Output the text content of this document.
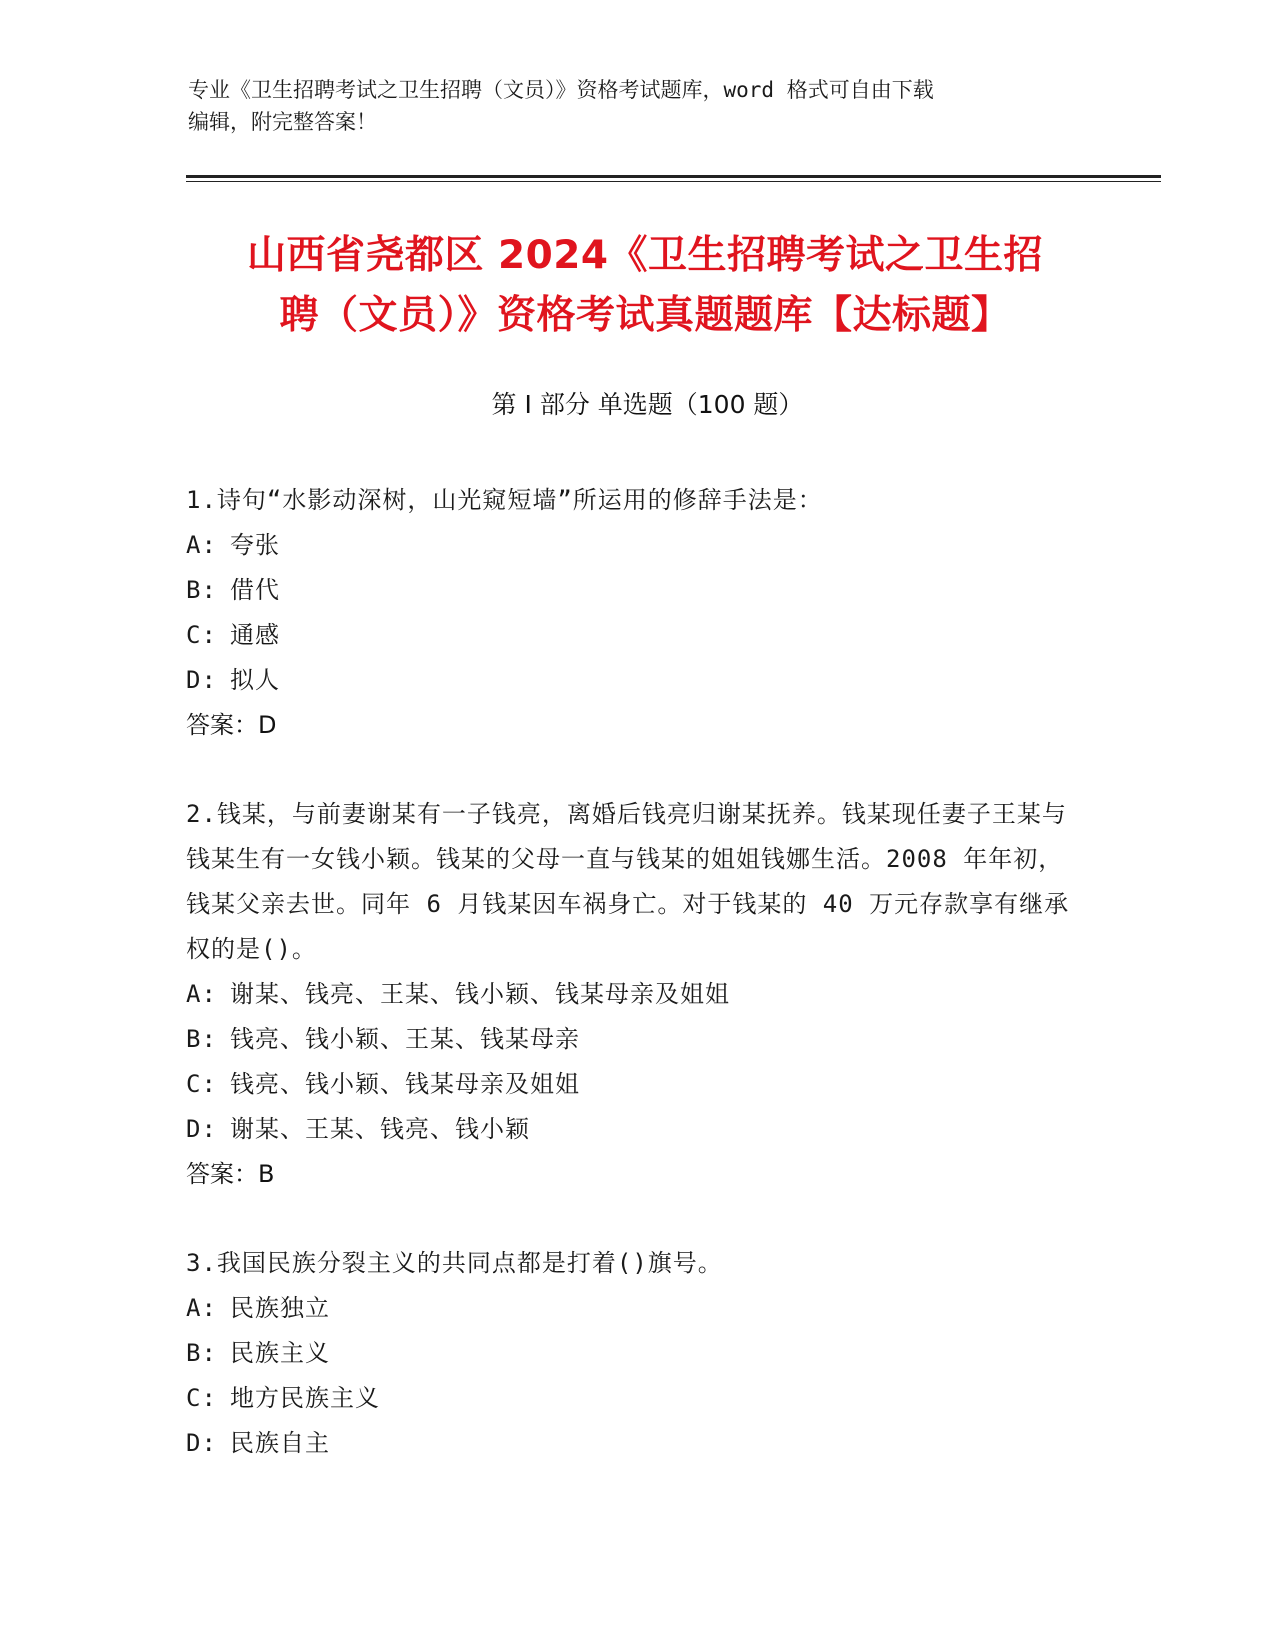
专业《卫生招聘考试之卫生招聘（文员）》资格考试题库，word 格式可自由下载
编辑，附完整答案！
山西省尧都区 2024《卫生招聘考试之卫生招
聘（文员）》资格考试真题题库【达标题】
第 I 部分 单选题（100 题）
1.诗句“水影动深树，山光窥短墙”所运用的修辞手法是：
A: 夸张
B: 借代
C: 通感
D: 拟人
答案：D
2.钱某，与前妻谢某有一子钱亮，离婚后钱亮归谢某抚养。钱某现任妻子王某与钱某生有一女钱小颖。钱某的父母一直与钱某的姐姐钱娜生活。2008 年年初，钱某父亲去世。同年 6 月钱某因车祸身亡。对于钱某的 40 万元存款享有继承权的是()。
A: 谢某、钱亮、王某、钱小颖、钱某母亲及姐姐
B: 钱亮、钱小颖、王某、钱某母亲
C: 钱亮、钱小颖、钱某母亲及姐姐
D: 谢某、王某、钱亮、钱小颖
答案：B
3.我国民族分裂主义的共同点都是打着()旗号。
A: 民族独立
B: 民族主义
C: 地方民族主义
D: 民族自主
